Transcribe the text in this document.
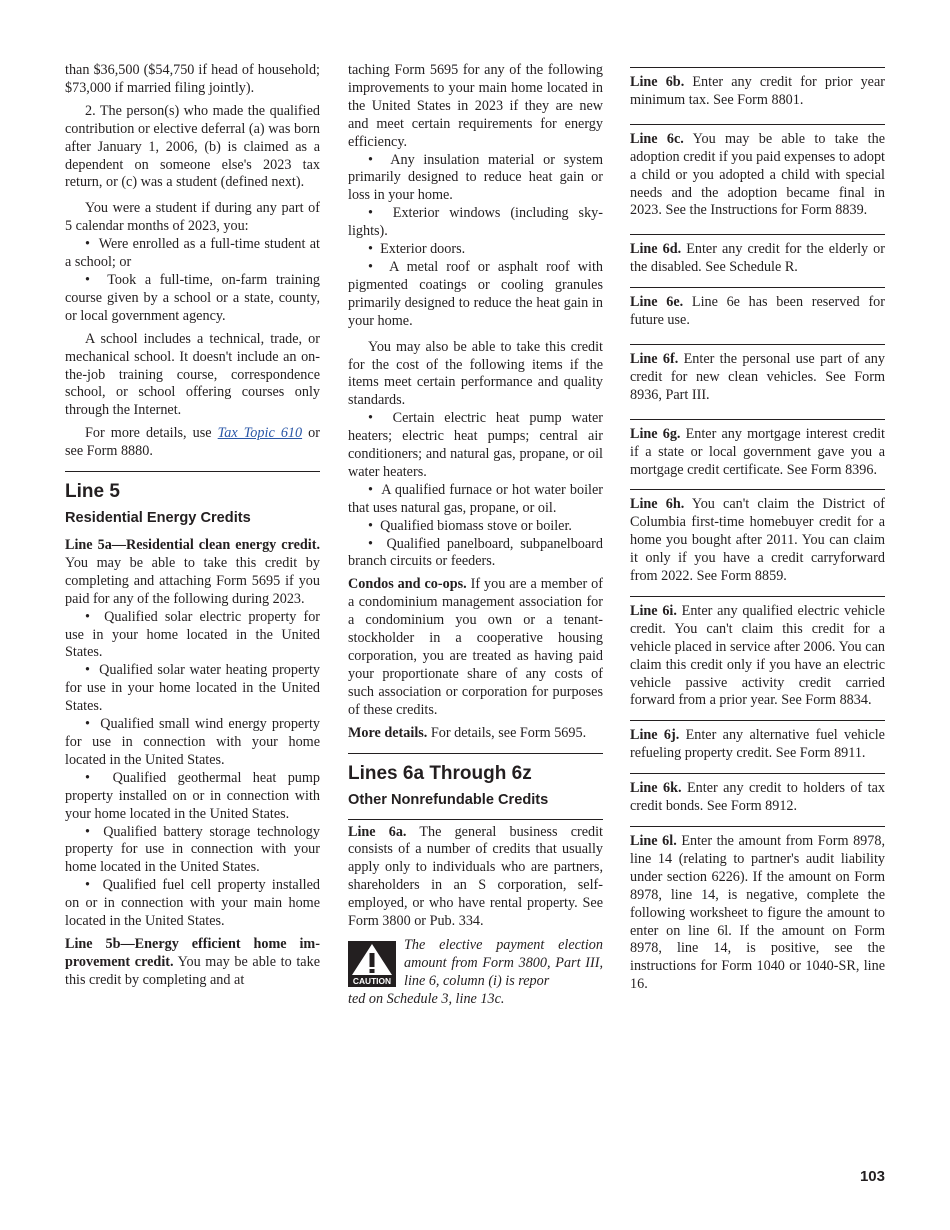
than $36,500 ($54,750 if head of household; $73,000 if married filing jointly).

2. The person(s) who made the qualified contribution or elective deferral (a) was born after January 1, 2006, (b) is claimed as a dependent on someone else's 2023 tax return, or (c) was a student (defined next).

You were a student if during any part of 5 calendar months of 2023, you:

•  Were enrolled as a full-time student at a school; or
•  Took a full-time, on-farm training course given by a school or a state, county, or local government agency.

A school includes a technical, trade, or mechanical school. It doesn't include an on-the-job training course, correspondence school, or school offering courses only through the Internet.

For more details, use Tax Topic 610 or see Form 8880.

Line 5
Residential Energy Credits

Line 5a—Residential clean energy credit. You may be able to take this credit by completing and attaching Form 5695 if you paid for any of the following during 2023.

•  Qualified solar electric property for use in your home located in the United States.
•  Qualified solar water heating property for use in your home located in the United States.
•  Qualified small wind energy property for use in connection with your home located in the United States.
•  Qualified geothermal heat pump property installed on or in connection with your home located in the United States.
•  Qualified battery storage technology property for use in connection with your home located in the United States.
•  Qualified fuel cell property installed on or in connection with your main home located in the United States.

Line 5b—Energy efficient home improvement credit. You may be able to take this credit by completing and at

taching Form 5695 for any of the following improvements to your main home located in the United States in 2023 if they are new and meet certain requirements for energy efficiency.

•  Any insulation material or system primarily designed to reduce heat gain or loss in your home.
•  Exterior windows (including skylights).
•  Exterior doors.
•  A metal roof or asphalt roof with pigmented coatings or cooling granules primarily designed to reduce the heat gain in your home.

You may also be able to take this credit for the cost of the following items if the items meet certain performance and quality standards.

•  Certain electric heat pump water heaters; electric heat pumps; central air conditioners; and natural gas, propane, or oil water heaters.
•  A qualified furnace or hot water boiler that uses natural gas, propane, or oil.
•  Qualified biomass stove or boiler.
•  Qualified panelboard, subpanelboard branch circuits or feeders.

Condos and co-ops. If you are a member of a condominium management association for a condominium you own or a tenant-stockholder in a cooperative housing corporation, you are treated as having paid your proportionate share of any costs of such association or corporation for purposes of these credits.

More details. For details, see Form 5695.

Lines 6a Through 6z
Other Nonrefundable Credits

Line 6a. The general business credit consists of a number of credits that usually apply only to individuals who are partners, shareholders in an S corporation, self-employed, or who have rental property. See Form 3800 or Pub. 334.

CAUTION

The elective payment election amount from Form 3800, Part III, line 6, column (i) is repor

ted on Schedule 3, line 13c.

Line 6b. Enter any credit for prior year minimum tax. See Form 8801.

Line 6c. You may be able to take the adoption credit if you paid expenses to adopt a child or you adopted a child with special needs and the adoption became final in 2023. See the Instructions for Form 8839.

Line 6d. Enter any credit for the elderly or the disabled. See Schedule R.

Line 6e. Line 6e has been reserved for future use.

Line 6f. Enter the personal use part of any credit for new clean vehicles. See Form 8936, Part III.

Line 6g. Enter any mortgage interest credit if a state or local government gave you a mortgage credit certificate. See Form 8396.

Line 6h. You can't claim the District of Columbia first-time homebuyer credit for a home you bought after 2011. You can claim it only if you have a credit carryforward from 2022. See Form 8859.

Line 6i. Enter any qualified electric vehicle credit. You can't claim this credit for a vehicle placed in service after 2006. You can claim this credit only if you have an electric vehicle passive activity credit carried forward from a prior year. See Form 8834.

Line 6j. Enter any alternative fuel vehicle refueling property credit. See Form 8911.

Line 6k. Enter any credit to holders of tax credit bonds. See Form 8912.

Line 6l. Enter the amount from Form 8978, line 14 (relating to partner's audit liability under section 6226). If the amount on Form 8978, line 14, is negative, complete the following worksheet to figure the amount to enter on line 6l. If the amount on Form 8978, line 14, is positive, see the instructions for Form 1040 or 1040-SR, line 16.

103
